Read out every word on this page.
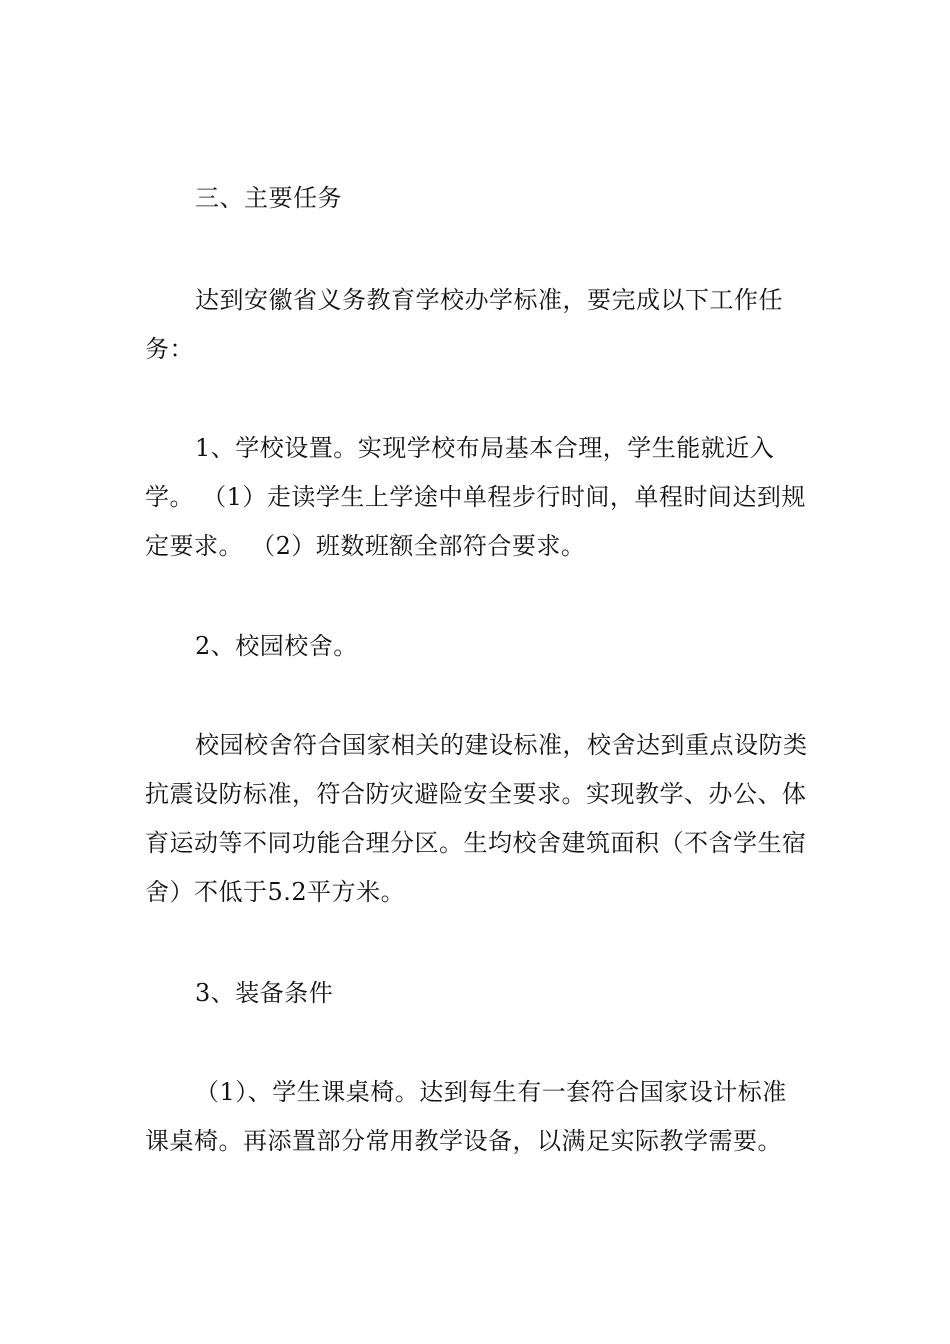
三、主要任务

达到安徽省义务教育学校办学标准，要完成以下工作任务：

1、学校设置。实现学校布局基本合理，学生能就近入学。 （1）走读学生上学途中单程步行时间，单程时间达到规定要求。 （2）班数班额全部符合要求。

2、校园校舍。

校园校舍符合国家相关的建设标准，校舍达到重点设防类抗震设防标准，符合防灾避险安全要求。实现教学、办公、体育运动等不同功能合理分区。生均校舍建筑面积（不含学生宿舍）不低于5.2平方米。

3、装备条件

（1）、学生课桌椅。达到每生有一套符合国家设计标准课桌椅。再添置部分常用教学设备，以满足实际教学需要。
